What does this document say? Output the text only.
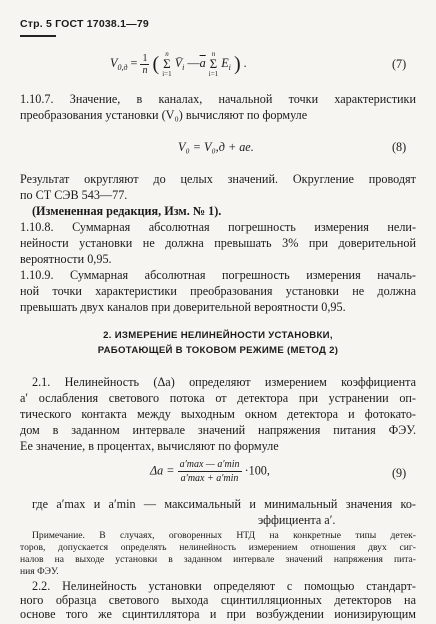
Стр. 5 ГОСТ 17038.1—79
$V_{0,д} = \frac{1}{n}$ ( n
Σ
i=1
$V̄_i$ $—\overline{a}$
n
Σ
i=1
$E_i$ ) .	(7)
1.10.7. Значение, в каналах, начальной точки характеристики
преобразования установки (V₀) вычисляют по формуле
V₀ = V₀,д + ae.	(8)
Результат округляют до целых значений. Округление проводят
по СТ СЭВ 543—77.
(Измененная редакция, Изм. № 1).
1.10.8. Суммарная абсолютная погрешность измерения нели-
нейности установки не должна превышать 3% при доверительной
вероятности 0,95.
1.10.9. Суммарная абсолютная погрешность измерения началь-
ной точки характеристики преобразования установки не должна
превышать двух каналов при доверительной вероятности 0,95.
2. ИЗМЕРЕНИЕ НЕЛИНЕЙНОСТИ УСТАНОВКИ,
РАБОТАЮЩЕЙ В ТОКОВОМ РЕЖИМЕ (МЕТОД 2)
2.1. Нелинейность (Δa) определяют измерением коэффициента
a′ ослабления светового потока от детектора при устранении оп-
тического контакта между выходным окном детектора и фотокато-
дом в заданном интервале значений напряжения питания ФЭУ.
Ее значение, в процентах, вычисляют по формуле
$\Delta a = \frac{a'\max — a'\min}{a'\max + a'\min} \cdot 100$,	(9)
где a′max и a′min — максимальный и минимальный значения ко-
эффициента a′.
Примечание. В случаях, оговоренных НТД на конкретные типы детек-
торов, допускается определять нелинейность измерением отношения двух сиг-
налов на выходе установки в заданном интервале значений напряжения пита-
ния ФЭУ.
2.2. Нелинейность установки определяют с помощью стандарт-
ного образца светового выхода сцинтилляционных детекторов на
основе того же сцинтиллятора и при возбуждении ионизирующим
